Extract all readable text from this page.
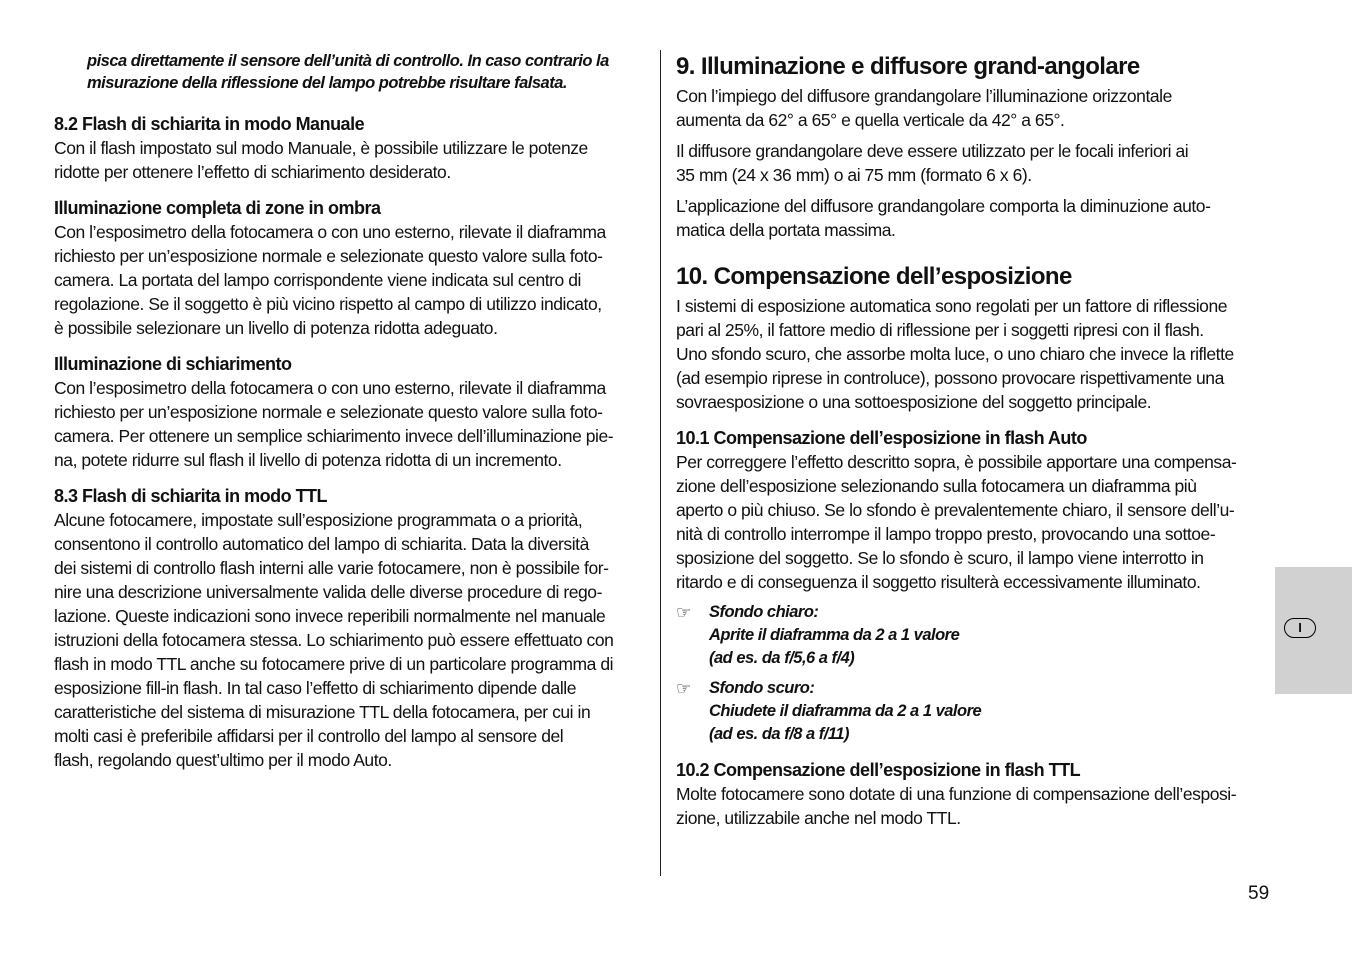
pisca direttamente il sensore dell’unità di controllo. In caso contrario la
misurazione della riflessione del lampo potrebbe risultare falsata.

8.2 Flash di schiarita in modo Manuale

Con il flash impostato sul modo Manuale, è possibile utilizzare le potenze
ridotte per ottenere l’effetto di schiarimento desiderato.

Illuminazione completa di zone in ombra

Con l’esposimetro della fotocamera o con uno esterno, rilevate il diaframma
richiesto per un’esposizione normale e selezionate questo valore sulla foto-
camera. La portata del lampo corrispondente viene indicata sul centro di
regolazione. Se il soggetto è più vicino rispetto al campo di utilizzo indicato,
è possibile selezionare un livello di potenza ridotta adeguato.

Illuminazione di schiarimento

Con l’esposimetro della fotocamera o con uno esterno, rilevate il diaframma
richiesto per un’esposizione normale e selezionate questo valore sulla foto-
camera. Per ottenere un semplice schiarimento invece dell’illuminazione pie-
na, potete ridurre sul flash il livello di potenza ridotta di un incremento.

8.3 Flash di schiarita in modo TTL

Alcune fotocamere, impostate sull’esposizione programmata o a priorità,
consentono il controllo automatico del lampo di schiarita. Data la diversità
dei sistemi di controllo flash interni alle varie fotocamere, non è possibile for-
nire una descrizione universalmente valida delle diverse procedure di rego-
lazione. Queste indicazioni sono invece reperibili normalmente nel manuale
istruzioni della fotocamera stessa. Lo schiarimento può essere effettuato con
flash in modo TTL anche su fotocamere prive di un particolare programma di
esposizione fill-in flash. In tal caso l’effetto di schiarimento dipende dalle
caratteristiche del sistema di misurazione TTL della fotocamera, per cui in
molti casi è preferibile affidarsi per il controllo del lampo al sensore del
flash, regolando quest’ultimo per il modo Auto.

9. Illuminazione e diffusore grand-angolare

Con l’impiego del diffusore grandangolare l’illuminazione orizzontale
aumenta da 62° a 65° e quella verticale da 42° a 65°.

Il diffusore grandangolare deve essere utilizzato per le focali inferiori ai
35 mm (24 x 36 mm) o ai 75 mm (formato 6 x 6).

L’applicazione del diffusore grandangolare comporta la diminuzione auto-
matica della portata massima.

10. Compensazione dell’esposizione

I sistemi di esposizione automatica sono regolati per un fattore di riflessione
pari al 25%, il fattore medio di riflessione per i soggetti ripresi con il flash.
Uno sfondo scuro, che assorbe molta luce, o uno chiaro che invece la riflette
(ad esempio riprese in controluce), possono provocare rispettivamente una
sovraesposizione o una sottoesposizione del soggetto principale.

10.1 Compensazione dell’esposizione in flash Auto

Per correggere l’effetto descritto sopra, è possibile apportare una compensa-
zione dell’esposizione selezionando sulla fotocamera un diaframma più
aperto o più chiuso. Se lo sfondo è prevalentemente chiaro, il sensore dell’u-
nità di controllo interrompe il lampo troppo presto, provocando una sottoe-
sposizione del soggetto. Se lo sfondo è scuro, il lampo viene interrotto in
ritardo e di conseguenza il soggetto risulterà eccessivamente illuminato.

☞ Sfondo chiaro:
Aprite il diaframma da 2 a 1 valore
(ad es. da f/5,6 a f/4)

☞ Sfondo scuro:
Chiudete il diaframma da 2 a 1 valore
(ad es. da f/8 a f/11)

10.2 Compensazione dell’esposizione in flash TTL

Molte fotocamere sono dotate di una funzione di compensazione dell’esposi-
zione, utilizzabile anche nel modo TTL.

I
59
